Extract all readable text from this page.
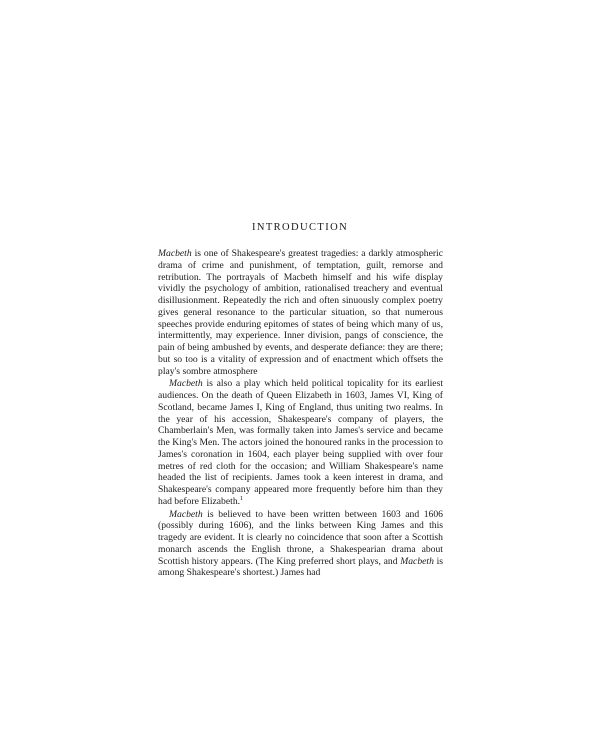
INTRODUCTION

Macbeth is one of Shakespeare's greatest tragedies: a darkly atmospheric drama of crime and punishment, of temptation, guilt, remorse and retribution. The portrayals of Macbeth himself and his wife display vividly the psychology of ambition, rationalised treachery and eventual disillusionment. Repeatedly the rich and often sinuously complex poetry gives general resonance to the particular situation, so that numerous speeches provide enduring epitomes of states of being which many of us, intermittently, may experience. Inner division, pangs of conscience, the pain of being ambushed by events, and desperate defiance: they are there; but so too is a vitality of expression and of enactment which offsets the play's sombre atmosphere

Macbeth is also a play which held political topicality for its earliest audiences. On the death of Queen Elizabeth in 1603, James VI, King of Scotland, became James I, King of England, thus uniting two realms. In the year of his accession, Shakespeare's company of players, the Chamberlain's Men, was formally taken into James's service and became the King's Men. The actors joined the honoured ranks in the procession to James's coronation in 1604, each player being supplied with over four metres of red cloth for the occasion; and William Shakespeare's name headed the list of recipients. James took a keen interest in drama, and Shakespeare's company appeared more frequently before him than they had before Elizabeth.$^1$

Macbeth is believed to have been written between 1603 and 1606 (possibly during 1606), and the links between King James and this tragedy are evident. It is clearly no coincidence that soon after a Scottish monarch ascends the English throne, a Shakespearian drama about Scottish history appears. (The King preferred short plays, and Macbeth is among Shakespeare's shortest.) James had
